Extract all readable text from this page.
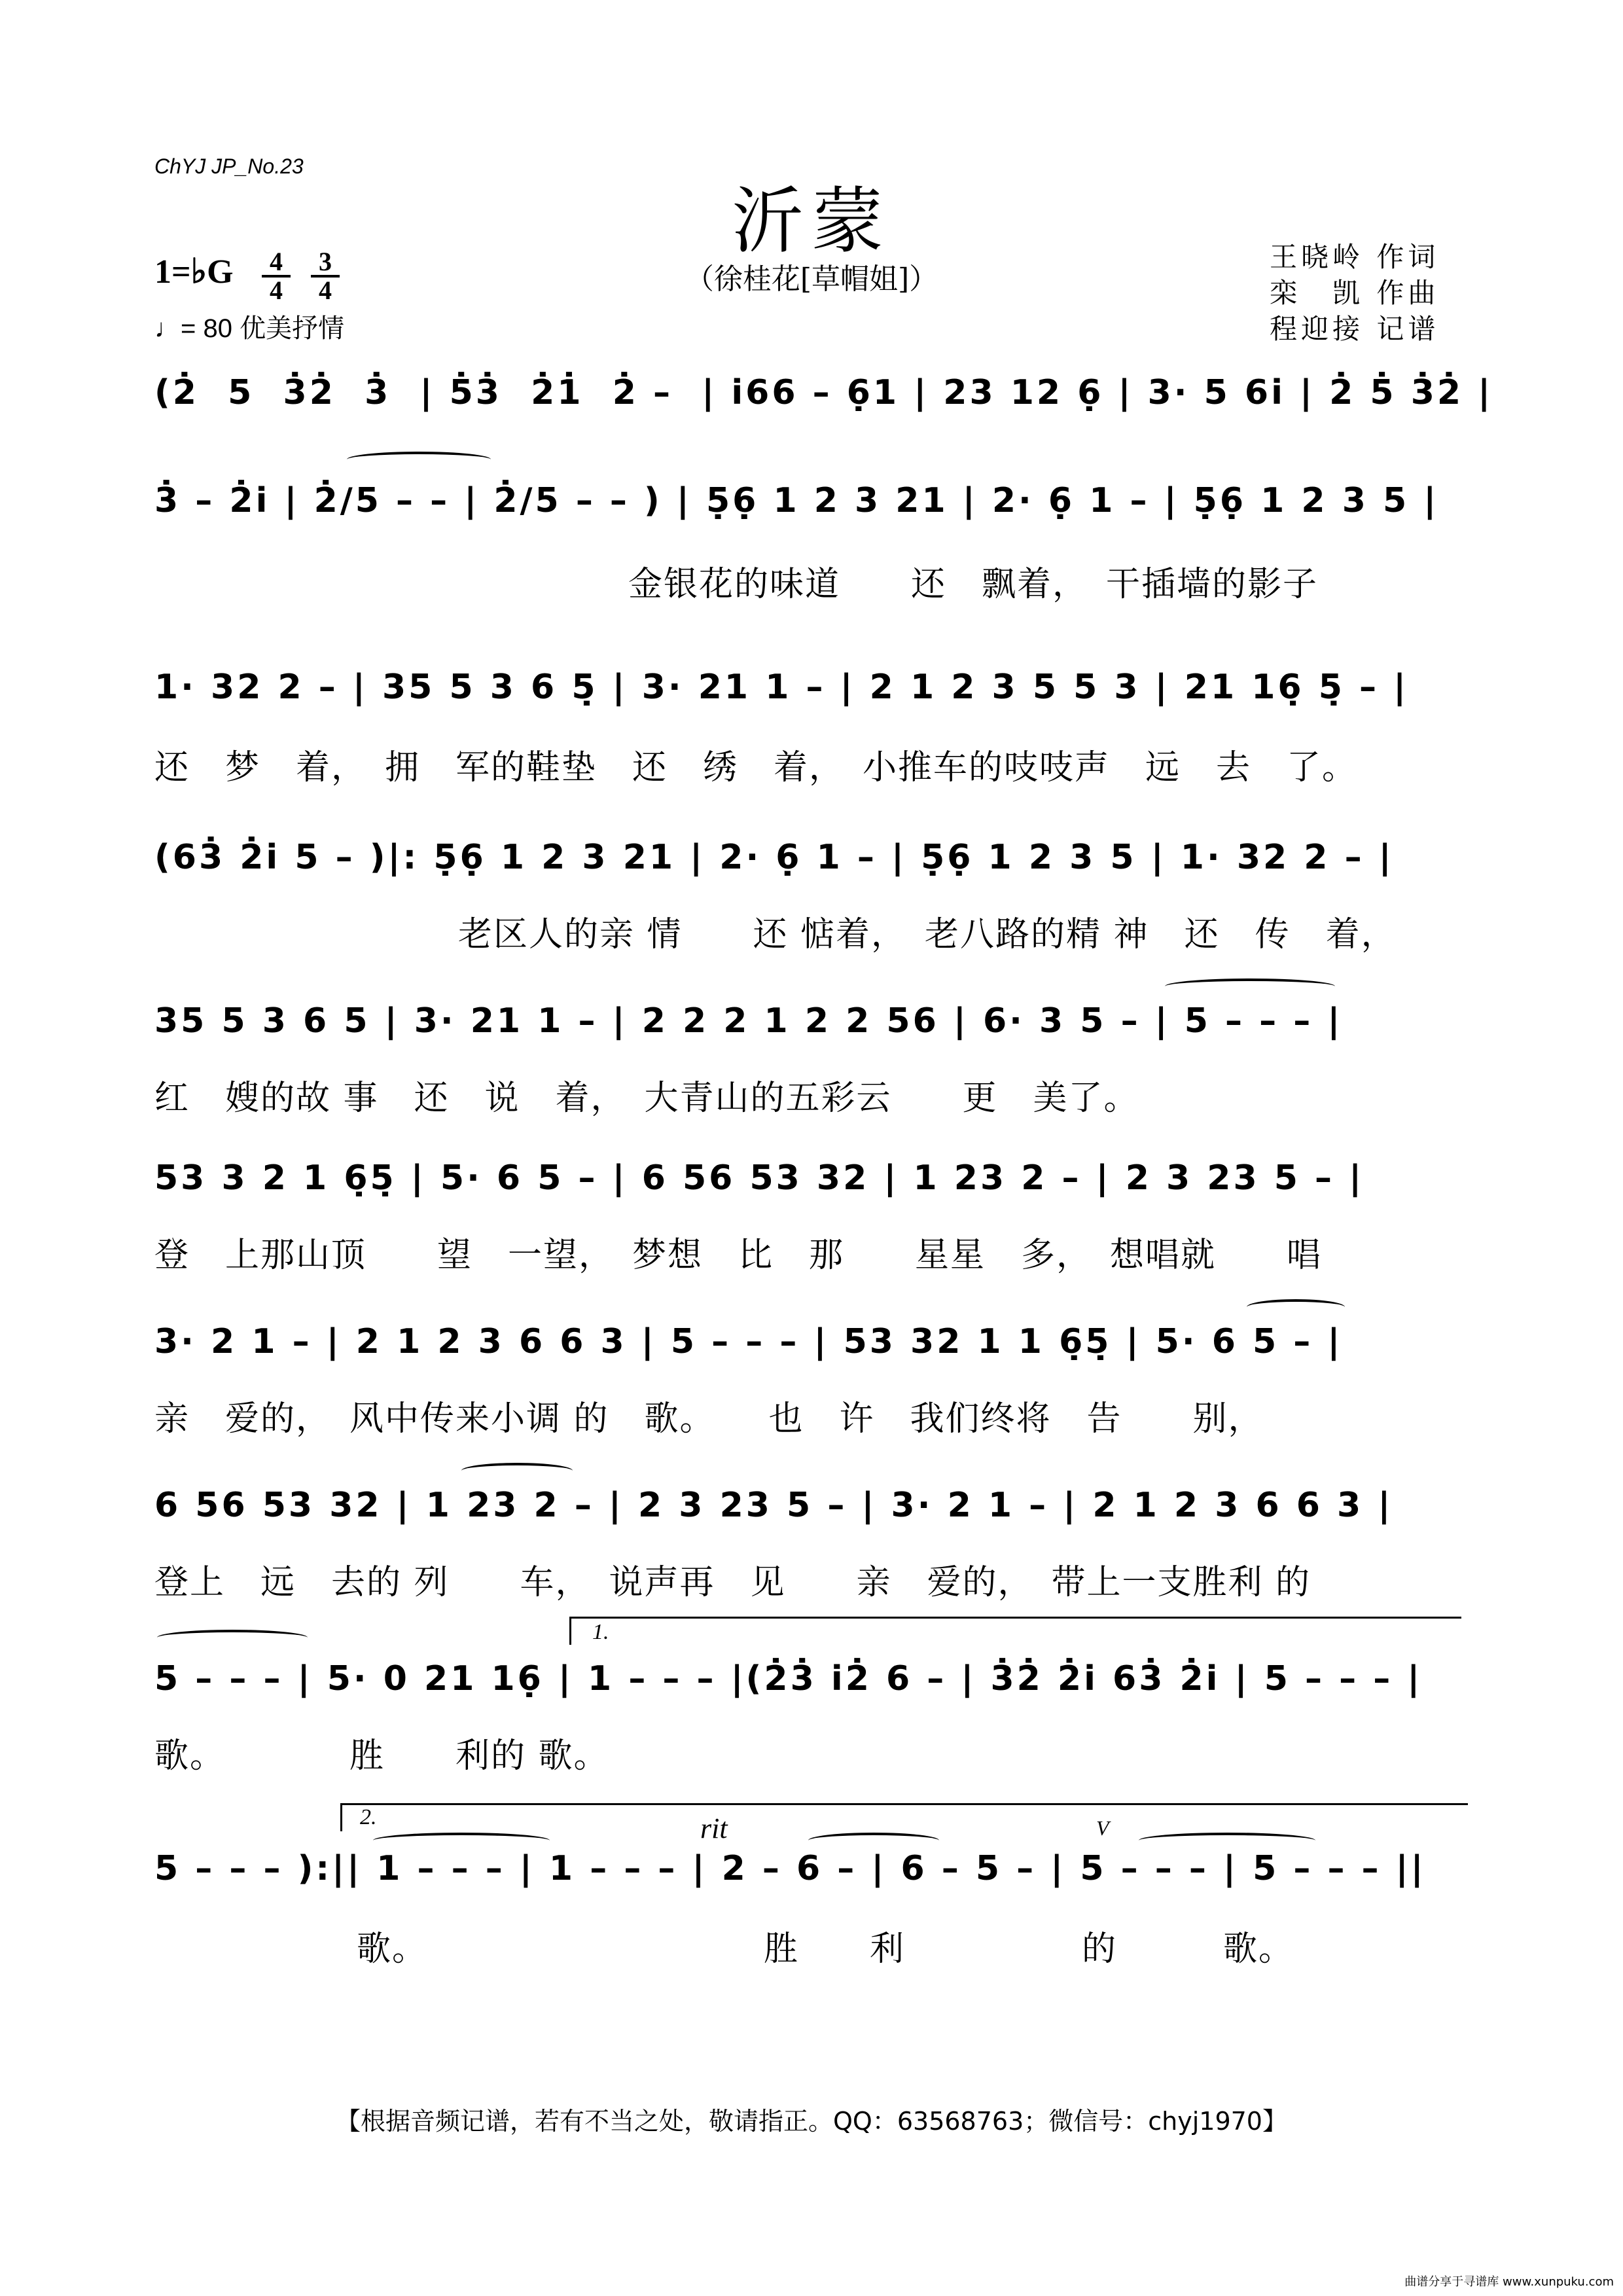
ChYJ JP_No.23
沂蒙
（徐桂花[草帽姐]）
王晓岭 作词
栾　凯 作曲
程迎接 记谱
1=♭G	4
4
3
4
♩= 80 优美抒情
(2̇  5  3̇2̇  3̇  | 5̇3̇  2̇1̇  2̇ –  | i66 – 6̣1 | 23 12 6̣ | 3· 5 6i | 2̇ 5̇ 3̇2̇ |
3̇ – 2̇i | 2̇/5 – – | 2̇/5 – – ) | 5̣6̣ 1 2 3 21 | 2· 6̣ 1 – | 5̣6̣ 1 2 3 5 |
金银花的味道　　还　飘着，　干插墙的影子
1· 32 2 – | 35 5 3 6 5̣ | 3· 21 1 – | 2 1 2 3 5 5 3 | 21 16̣ 5̣ – |
还　梦　着，　拥　军的鞋垫　还　绣　着，　小推车的吱吱声　远　去　了。
(63̇ 2̇i 5 – )|: 5̣6̣ 1 2 3 21 | 2· 6̣ 1 – | 5̣6̣ 1 2 3 5 | 1· 32 2 – |
老区人的亲 情　　还 惦着，　老八路的精 神　还　传　着，
35 5 3 6 5 | 3· 21 1 – | 2 2 2 1 2 2 56 | 6· 3 5 – | 5 – – – |
红　嫂的故 事　还　说　着，　大青山的五彩云　　更　美了。
53 3 2 1 6̣5̣ | 5· 6 5 – | 6 56 53 32 | 1 23 2 – | 2 3 23 5 – |
登　上那山顶　　望　一望，　梦想　比　那　　星星　多，　想唱就　　唱
3· 2 1 – | 2 1 2 3 6 6 3 | 5 – – – | 53 32 1 1 6̣5̣ | 5· 6 5 – |
亲　爱的，　风中传来小调 的　歌。　　也　许　我们终将　告　　别，
6 56 53 32 | 1 23 2 – | 2 3 23 5 – | 3· 2 1 – | 2 1 2 3 6 6 3 |
登上　远　去的 列　　车，　说声再　见　　亲　爱的，　带上一支胜利 的
1.
5 – – – | 5· 0 21 16̣ | 1 – – – |(2̇3̇ i2̇ 6 – | 3̇2̇ 2̇i 63̇ 2̇i | 5 – – – |
歌。　　　　胜　　利的 歌。
2.	rit	V
5 – – – ):|| 1 – – – | 1 – – – | 2 – 6 – | 6 – 5 – | 5 – – – | 5 – – – ||
歌。　　　　　　　　　　胜　　利　　　　　的　　　歌。
【根据音频记谱，若有不当之处，敬请指正。QQ：63568763；微信号：chyj1970】
曲谱分享于寻谱库 www.xunpuku.com
